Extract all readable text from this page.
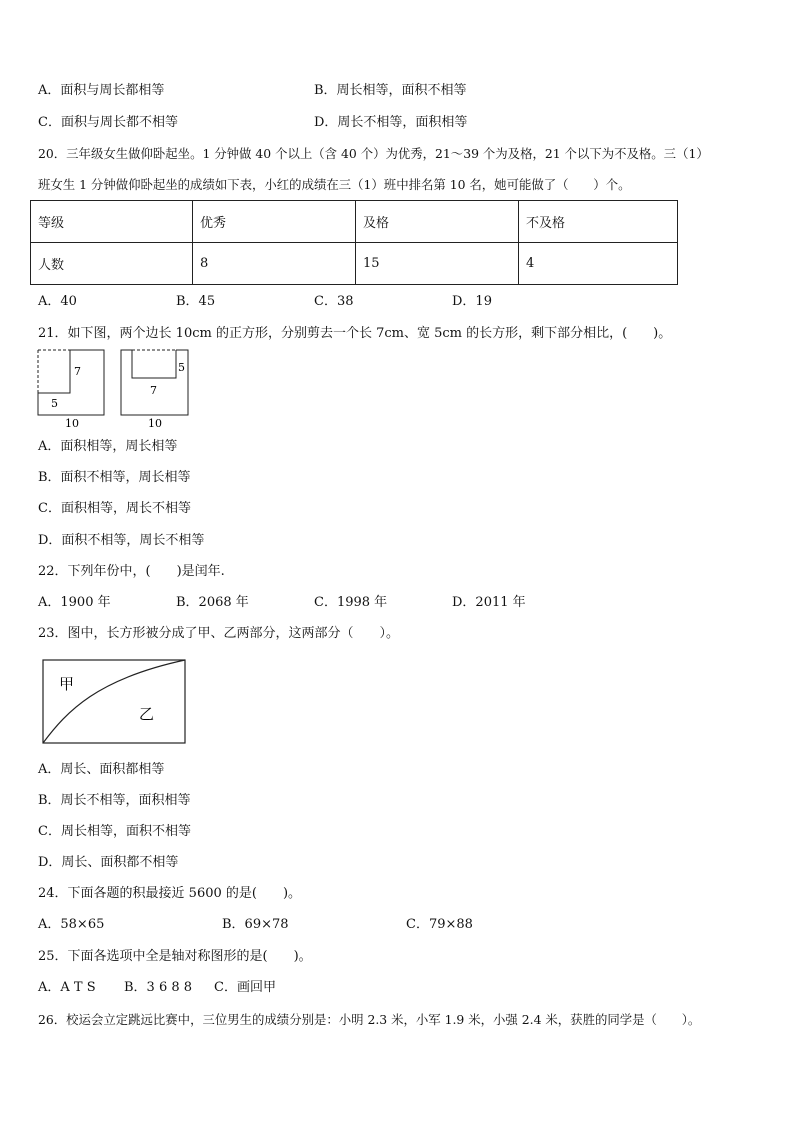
A．面积与周长都相等	B．周长相等，面积不相等
C．面积与周长都不相等	D．周长不相等，面积相等
20．三年级女生做仰卧起坐。1 分钟做 40 个以上（含 40 个）为优秀，21～39 个为及格，21 个以下为不及格。三（1）
班女生 1 分钟做仰卧起坐的成绩如下表，小红的成绩在三（1）班中排名第 10 名，她可能做了（　　）个。
等级	优秀	及格	不及格
人数	8	15	4
A．40	B．45	C．38	D．19
21．如下图，两个边长 10cm 的正方形，分别剪去一个长 7cm、宽 5cm 的长方形，剩下部分相比，(　　)。
7
5
10
5
7
10
A．面积相等，周长相等
B．面积不相等，周长相等
C．面积相等，周长不相等
D．面积不相等，周长不相等
22．下列年份中，(　　)是闰年.
A．1900 年	B．2068 年	C．1998 年	D．2011 年
23．图中，长方形被分成了甲、乙两部分，这两部分（　　）。
甲
乙
A．周长、面积都相等
B．周长不相等，面积相等
C．周长相等，面积不相等
D．周长、面积都不相等
24．下面各题的积最接近 5600 的是(　　)。
A．58×65	B．69×78	C．79×88
25．下面各选项中全是轴对称图形的是(　　)。
A．A T S B．3 6 8 8 C．画回甲
26．校运会立定跳远比赛中，三位男生的成绩分别是：小明 2.3 米，小军 1.9 米，小强 2.4 米，获胜的同学是（　　）。
